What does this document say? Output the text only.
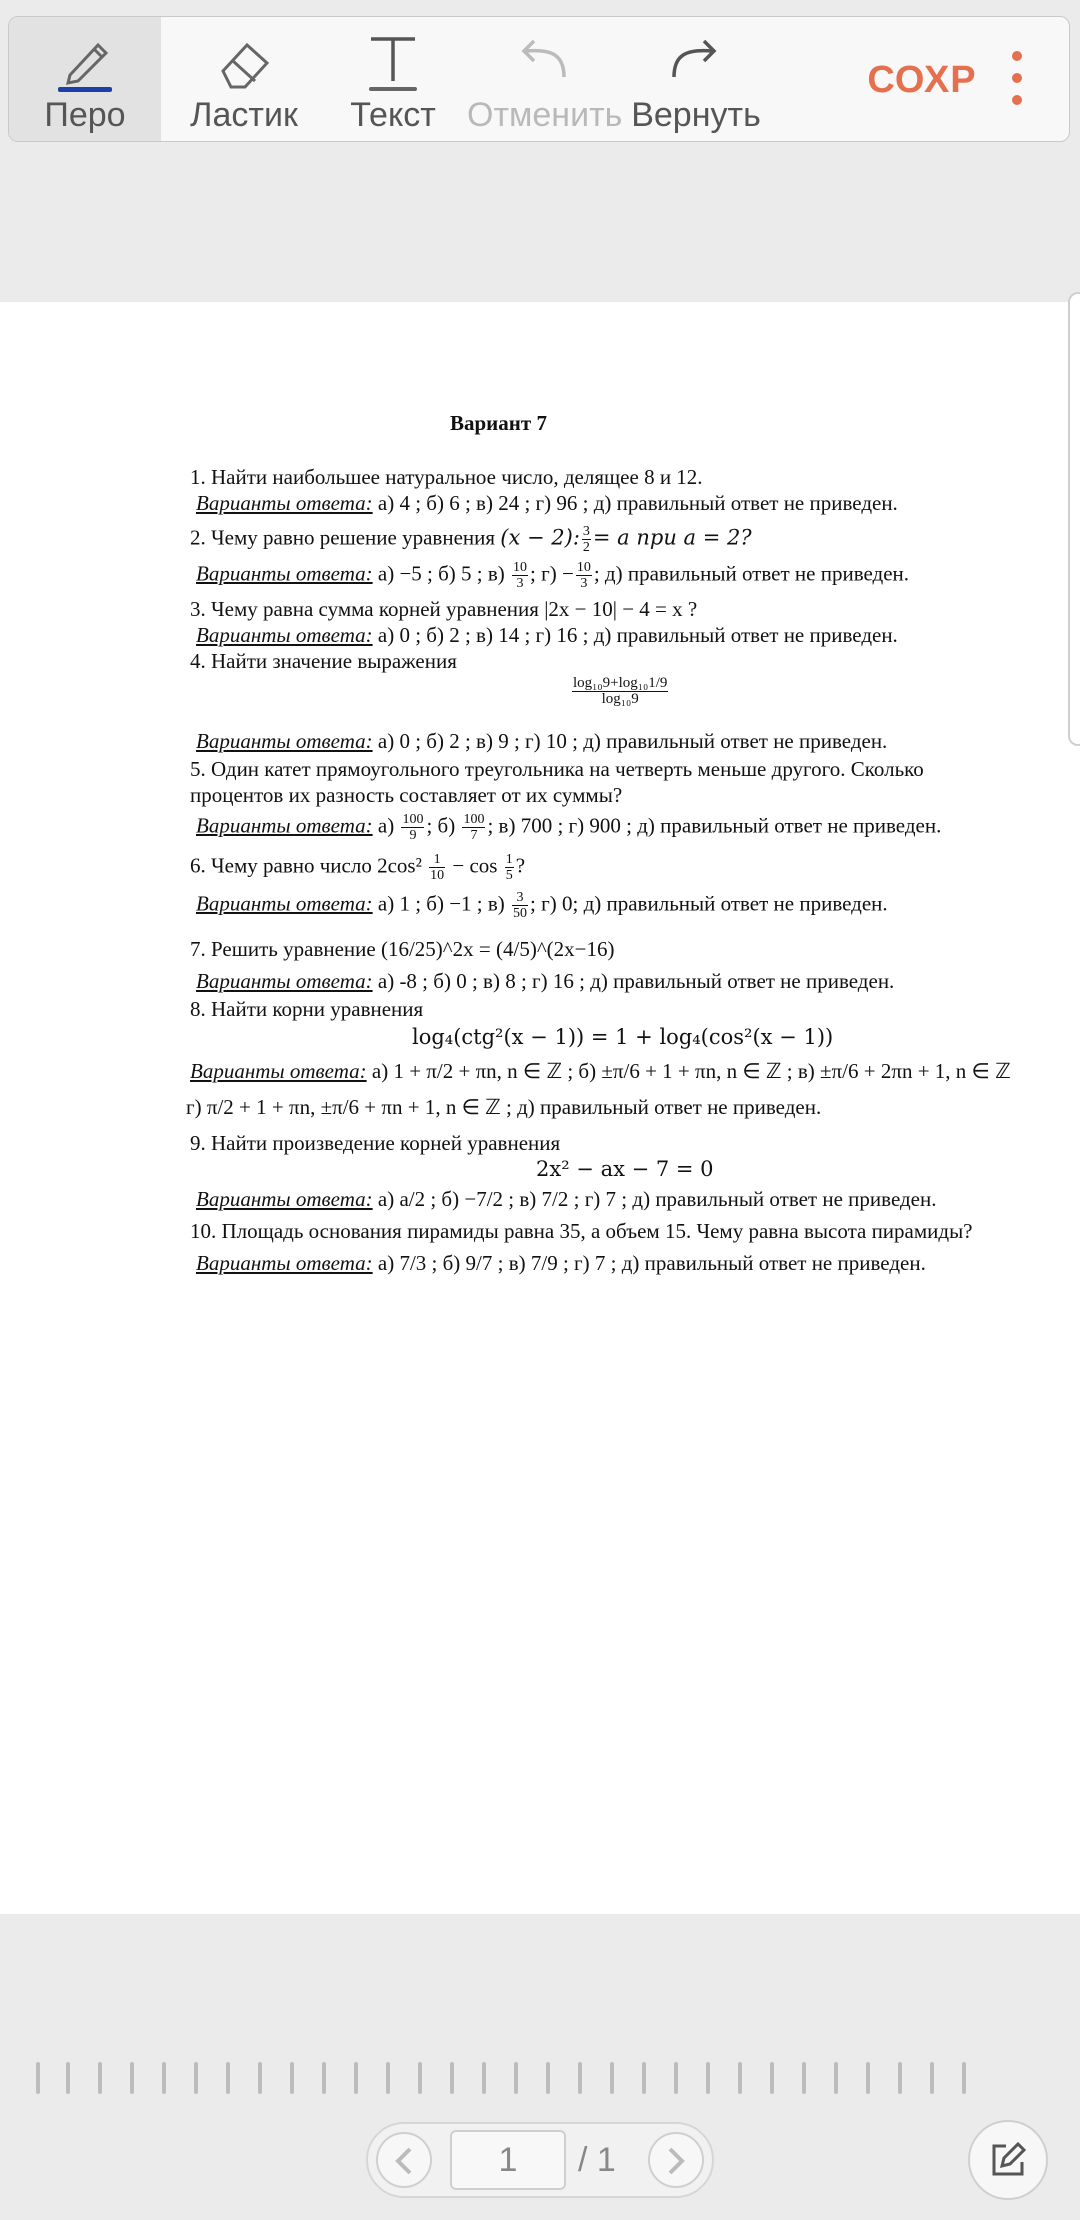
Перо	Ластик	Текст Отменить Вернуть
СОХР
Вариант 7
1. Найти наибольшее натуральное число, делящее 8 и 12.
Варианты ответа: а) 4 ; б) 6 ; в) 24 ; г) 96 ; д) правильный ответ не приведен.
2. Чему равно решение уравнения (x − 2): $\frac{3}{2} = a$ при a = 2?
Варианты ответа: а) −5 ; б) 5 ; $в) \frac{10}{3}$ ; $г) - \frac{10}{3}$ ; д) правильный ответ не приведен.
3. Чему равна сумма корней уравнения |2x − 10| − 4 = x ?
Варианты ответа: а) 0 ; б) 2 ; в) 14 ; г) 16 ; д) правильный ответ не приведен.
4. Найти значение выражения
$\frac{\text{log₁₀9+log₁₀1/9}}{\text{log₁₀9}}$
Варианты ответа: а) 0 ; б) 2 ; в) 9 ; г) 10 ; д) правильный ответ не приведен.
5. Один катет прямоугольного треугольника на четверть меньше другого. Сколько
процентов их разность составляет от их суммы?
Варианты ответа: $а) \frac{100}{9}$ ; $б) \frac{100}{7}$ ; в) 700 ; г) 900 ; д) правильный ответ не приведен.
6. Чему равно число $2\cos^2 \frac{1}{10} - \cos \frac{1}{5}$ ?
Варианты ответа: а) 1 ; б) −1 ; $в) \frac{3}{50}$ ; г) 0; д) правильный ответ не приведен.
7. Решить уравнение (16/25)^2x = (4/5)^(2x−16)
Варианты ответа: а) -8 ; б) 0 ; в) 8 ; г) 16 ; д) правильный ответ не приведен.
8. Найти корни уравнения
log₄(ctg²(x − 1)) = 1 + log₄(cos²(x − 1))
Варианты ответа: а) 1 + π/2 + πn, n ∈ ℤ ; б) ±π/6 + 1 + πn, n ∈ ℤ ; в) ±π/6 + 2πn + 1, n ∈ ℤ
г) π/2 + 1 + πn, ±π/6 + πn + 1, n ∈ ℤ ; д) правильный ответ не приведен.
9. Найти произведение корней уравнения
2x² − ax − 7 = 0
Варианты ответа: а) a/2 ; б) −7/2 ; в) 7/2 ; г) 7 ; д) правильный ответ не приведен.
10. Площадь основания пирамиды равна 35, а объем 15. Чему равна высота пирамиды?
Варианты ответа: а) 7/3 ; б) 9/7 ; в) 7/9 ; г) 7 ; д) правильный ответ не приведен.
1	/ 1
